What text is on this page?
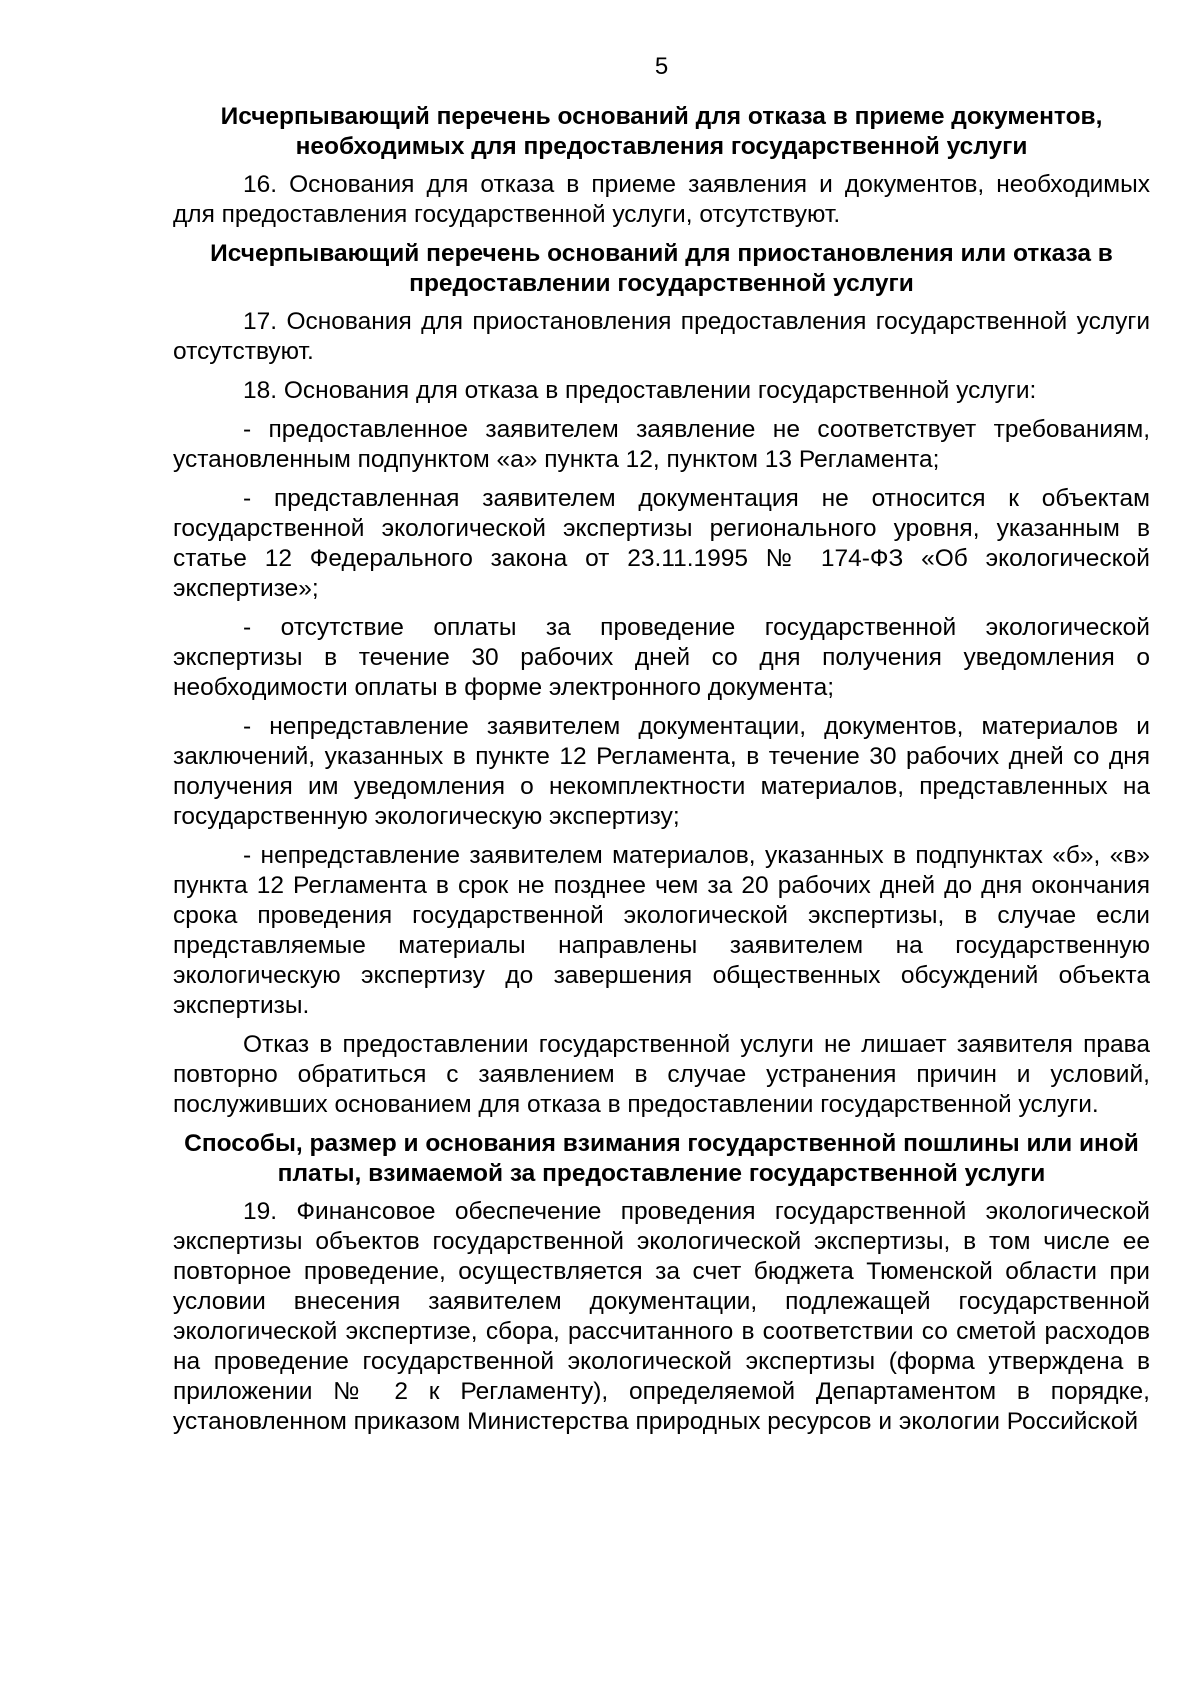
5
Исчерпывающий перечень оснований для отказа в приеме документов, необходимых для предоставления государственной услуги

16. Основания для отказа в приеме заявления и документов, необходимых для предоставления государственной услуги, отсутствуют.

Исчерпывающий перечень оснований для приостановления или отказа в предоставлении государственной услуги

17. Основания для приостановления предоставления государственной услуги отсутствуют.

18. Основания для отказа в предоставлении государственной услуги:

- предоставленное заявителем заявление не соответствует требованиям, установленным подпунктом «а» пункта 12, пунктом 13 Регламента;

- представленная заявителем документация не относится к объектам государственной экологической экспертизы регионального уровня, указанным в статье 12 Федерального закона от 23.11.1995 № 174-ФЗ «Об экологической экспертизе»;

- отсутствие оплаты за проведение государственной экологической экспертизы в течение 30 рабочих дней со дня получения уведомления о необходимости оплаты в форме электронного документа;

- непредставление заявителем документации, документов, материалов и заключений, указанных в пункте 12 Регламента, в течение 30 рабочих дней со дня получения им уведомления о некомплектности материалов, представленных на государственную экологическую экспертизу;

- непредставление заявителем материалов, указанных в подпунктах «б», «в» пункта 12 Регламента в срок не позднее чем за 20 рабочих дней до дня окончания срока проведения государственной экологической экспертизы, в случае если представляемые материалы направлены заявителем на государственную экологическую экспертизу до завершения общественных обсуждений объекта экспертизы.

Отказ в предоставлении государственной услуги не лишает заявителя права повторно обратиться с заявлением в случае устранения причин и условий, послуживших основанием для отказа в предоставлении государственной услуги.

Способы, размер и основания взимания государственной пошлины или иной платы, взимаемой за предоставление государственной услуги

19. Финансовое обеспечение проведения государственной экологической экспертизы объектов государственной экологической экспертизы, в том числе ее повторное проведение, осуществляется за счет бюджета Тюменской области при условии внесения заявителем документации, подлежащей государственной экологической экспертизе, сбора, рассчитанного в соответствии со сметой расходов на проведение государственной экологической экспертизы (форма утверждена в приложении № 2 к Регламенту), определяемой Департаментом в порядке, установленном приказом Министерства природных ресурсов и экологии Российской
